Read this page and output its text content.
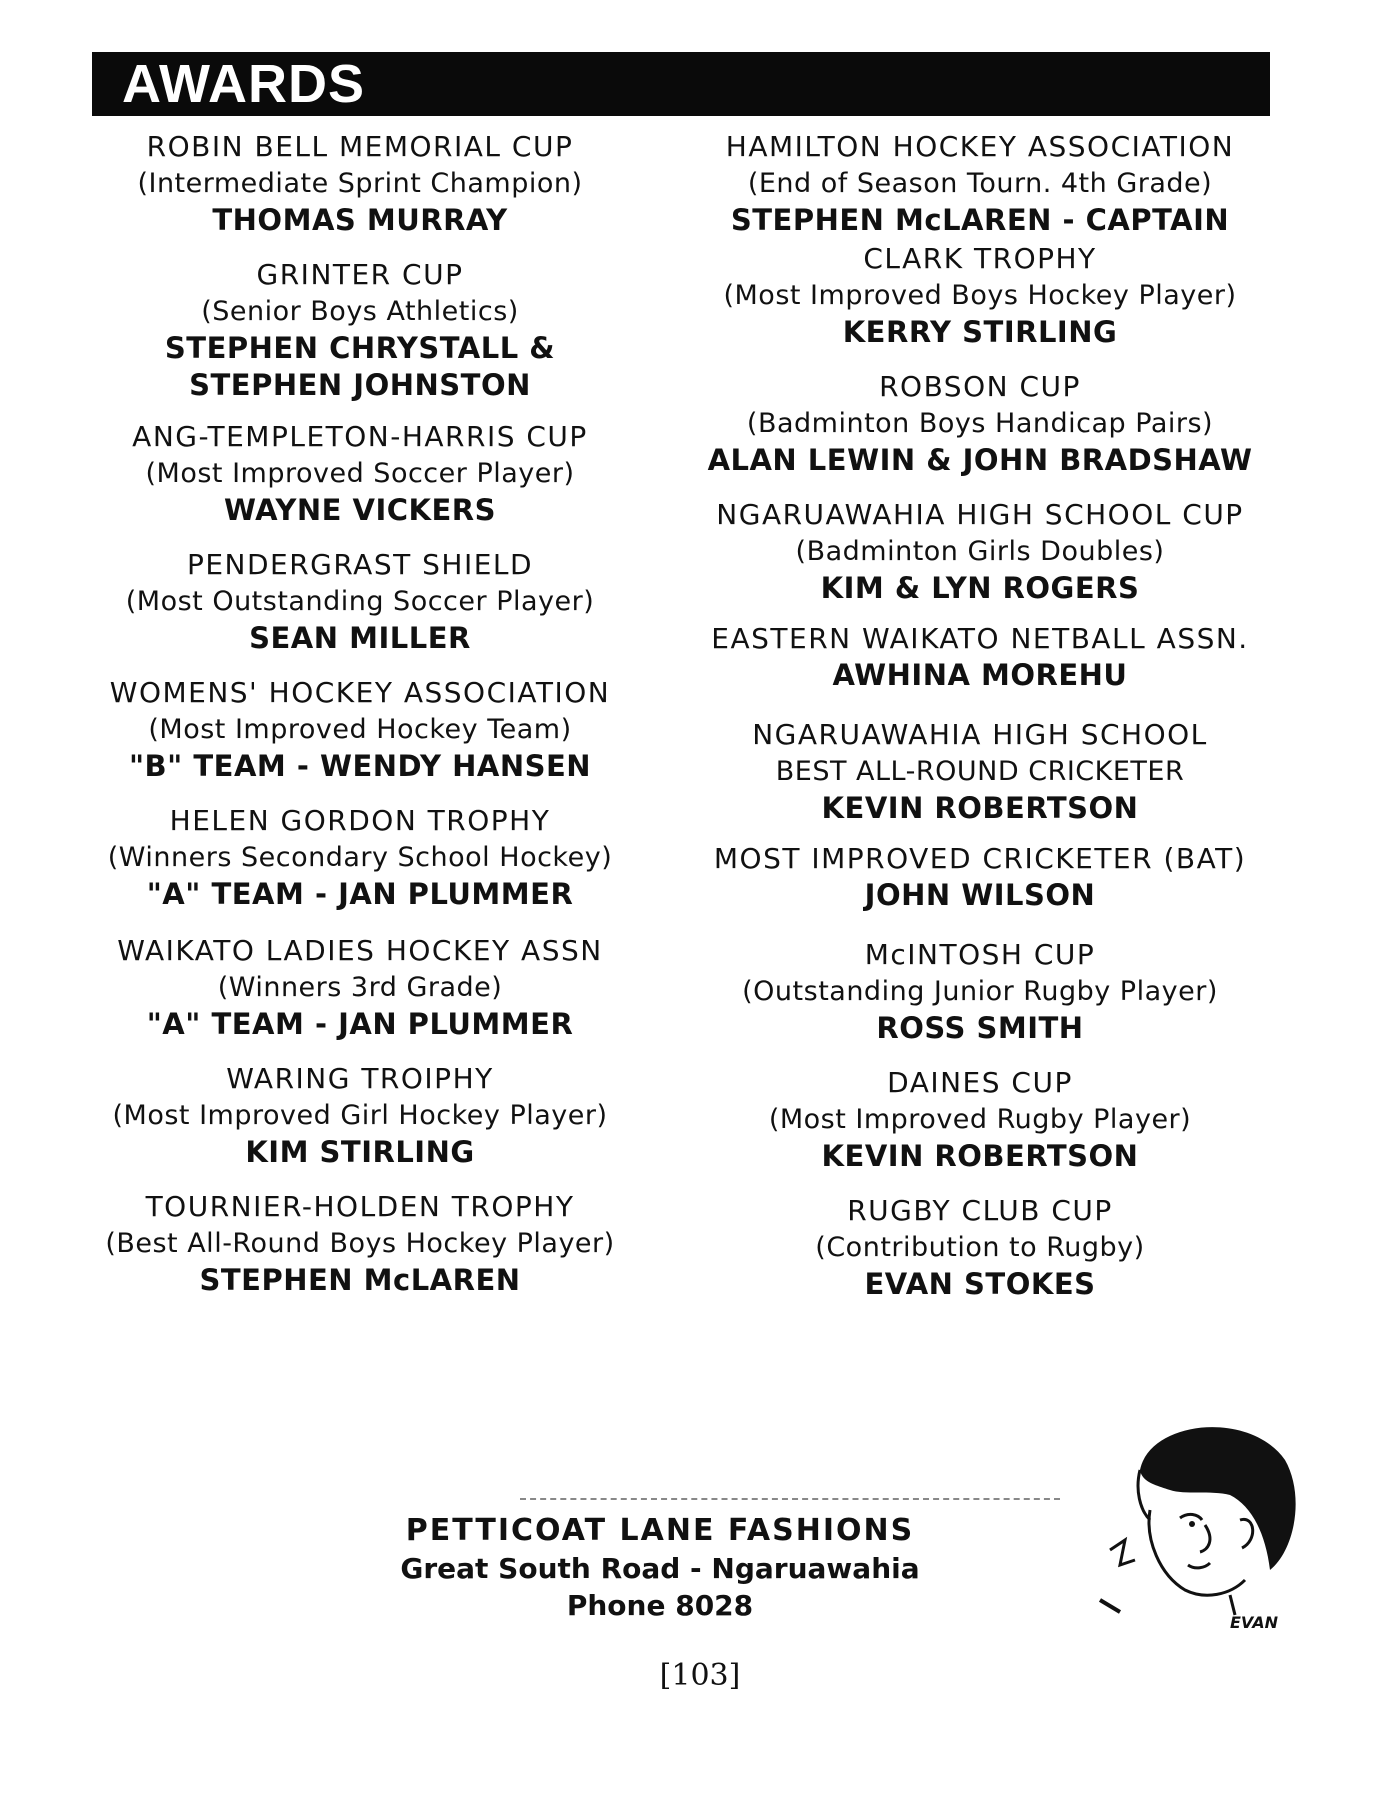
AWARDS
ROBIN BELL MEMORIAL CUP
(Intermediate Sprint Champion)
THOMAS MURRAY
GRINTER CUP
(Senior Boys Athletics)
STEPHEN CHRYSTALL &
STEPHEN JOHNSTON
ANG-TEMPLETON-HARRIS CUP
(Most Improved Soccer Player)
WAYNE VICKERS
PENDERGRAST SHIELD
(Most Outstanding Soccer Player)
SEAN MILLER
WOMENS' HOCKEY ASSOCIATION
(Most Improved Hockey Team)
"B" TEAM - WENDY HANSEN
HELEN GORDON TROPHY
(Winners Secondary School Hockey)
"A" TEAM - JAN PLUMMER
WAIKATO LADIES HOCKEY ASSN
(Winners 3rd Grade)
"A" TEAM - JAN PLUMMER
WARING TROIPHY
(Most Improved Girl Hockey Player)
KIM STIRLING
TOURNIER-HOLDEN TROPHY
(Best All-Round Boys Hockey Player)
STEPHEN McLAREN
HAMILTON HOCKEY ASSOCIATION
(End of Season Tourn. 4th Grade)
STEPHEN McLAREN - CAPTAIN
CLARK TROPHY
(Most Improved Boys Hockey Player)
KERRY STIRLING
ROBSON CUP
(Badminton Boys Handicap Pairs)
ALAN LEWIN & JOHN BRADSHAW
NGARUAWAHIA HIGH SCHOOL CUP
(Badminton Girls Doubles)
KIM & LYN ROGERS
EASTERN WAIKATO NETBALL ASSN.
AWHINA MOREHU
NGARUAWAHIA HIGH SCHOOL
BEST ALL-ROUND CRICKETER
KEVIN ROBERTSON
MOST IMPROVED CRICKETER (BAT)
JOHN WILSON
McINTOSH CUP
(Outstanding Junior Rugby Player)
ROSS SMITH
DAINES CUP
(Most Improved Rugby Player)
KEVIN ROBERTSON
RUGBY CLUB CUP
(Contribution to Rugby)
EVAN STOKES
PETTICOAT LANE FASHIONS
Great South Road - Ngaruawahia
Phone 8028
EVAN
[103]
